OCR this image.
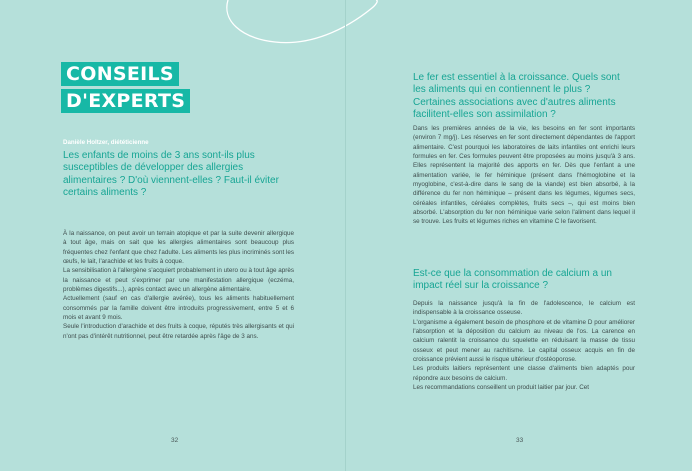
CONSEILS
D'EXPERTS
Danièle Holtzer, diététicienne

Les enfants de moins de 3 ans sont-ils plus susceptibles de développer des allergies alimentaires ? D'où viennent-elles ? Faut-il éviter certains aliments ?

À la naissance, on peut avoir un terrain atopique et par la suite devenir allergique à tout âge, mais on sait que les allergies alimentaires sont beaucoup plus fréquentes chez l'enfant que chez l'adulte. Les aliments les plus incriminés sont les œufs, le lait, l'arachide et les fruits à coque.

La sensibilisation à l'allergène s'acquiert probablement in utero ou à tout âge après la naissance et peut s'exprimer par une manifestation allergique (eczéma, problèmes digestifs...), après contact avec un allergène alimentaire.

Actuellement (sauf en cas d'allergie avérée), tous les aliments habituellement consommés par la famille doivent être introduits progressivement, entre 5 et 6 mois et avant 9 mois.

Seule l'introduction d'arachide et des fruits à coque, réputés très allergisants et qui n'ont pas d'intérêt nutritionnel, peut être retardée après l'âge de 3 ans.

32

Le fer est essentiel à la croissance. Quels sont les aliments qui en contiennent le plus ? Certaines associations avec d'autres aliments facilitent-elles son assimilation ?

Dans les premières années de la vie, les besoins en fer sont importants (environ 7 mg/j). Les réserves en fer sont directement dépendantes de l'apport alimentaire. C'est pourquoi les laboratoires de laits infantiles ont enrichi leurs formules en fer. Ces formules peuvent être proposées au moins jusqu'à 3 ans. Elles représentent la majorité des apports en fer. Dès que l'enfant a une alimentation variée, le fer héminique (présent dans l'hémoglobine et la myoglobine, c'est-à-dire dans le sang de la viande) est bien absorbé, à la différence du fer non héminique – présent dans les légumes, légumes secs, céréales infantiles, céréales complètes, fruits secs –, qui est moins bien absorbé. L'absorption du fer non héminique varie selon l'aliment dans lequel il se trouve. Les fruits et légumes riches en vitamine C le favorisent.

Est-ce que la consommation de calcium a un impact réel sur la croissance ?

Depuis la naissance jusqu'à la fin de l'adolescence, le calcium est indispensable à la croissance osseuse.

L'organisme a également besoin de phosphore et de vitamine D pour améliorer l'absorption et la déposition du calcium au niveau de l'os. La carence en calcium ralentit la croissance du squelette en réduisant la masse de tissu osseux et peut mener au rachitisme. Le capital osseux acquis en fin de croissance prévient aussi le risque ultérieur d'ostéoporose.

Les produits laitiers représentent une classe d'aliments bien adaptés pour répondre aux besoins de calcium.

Les recommandations conseillent un produit laitier par jour. Cet

33
